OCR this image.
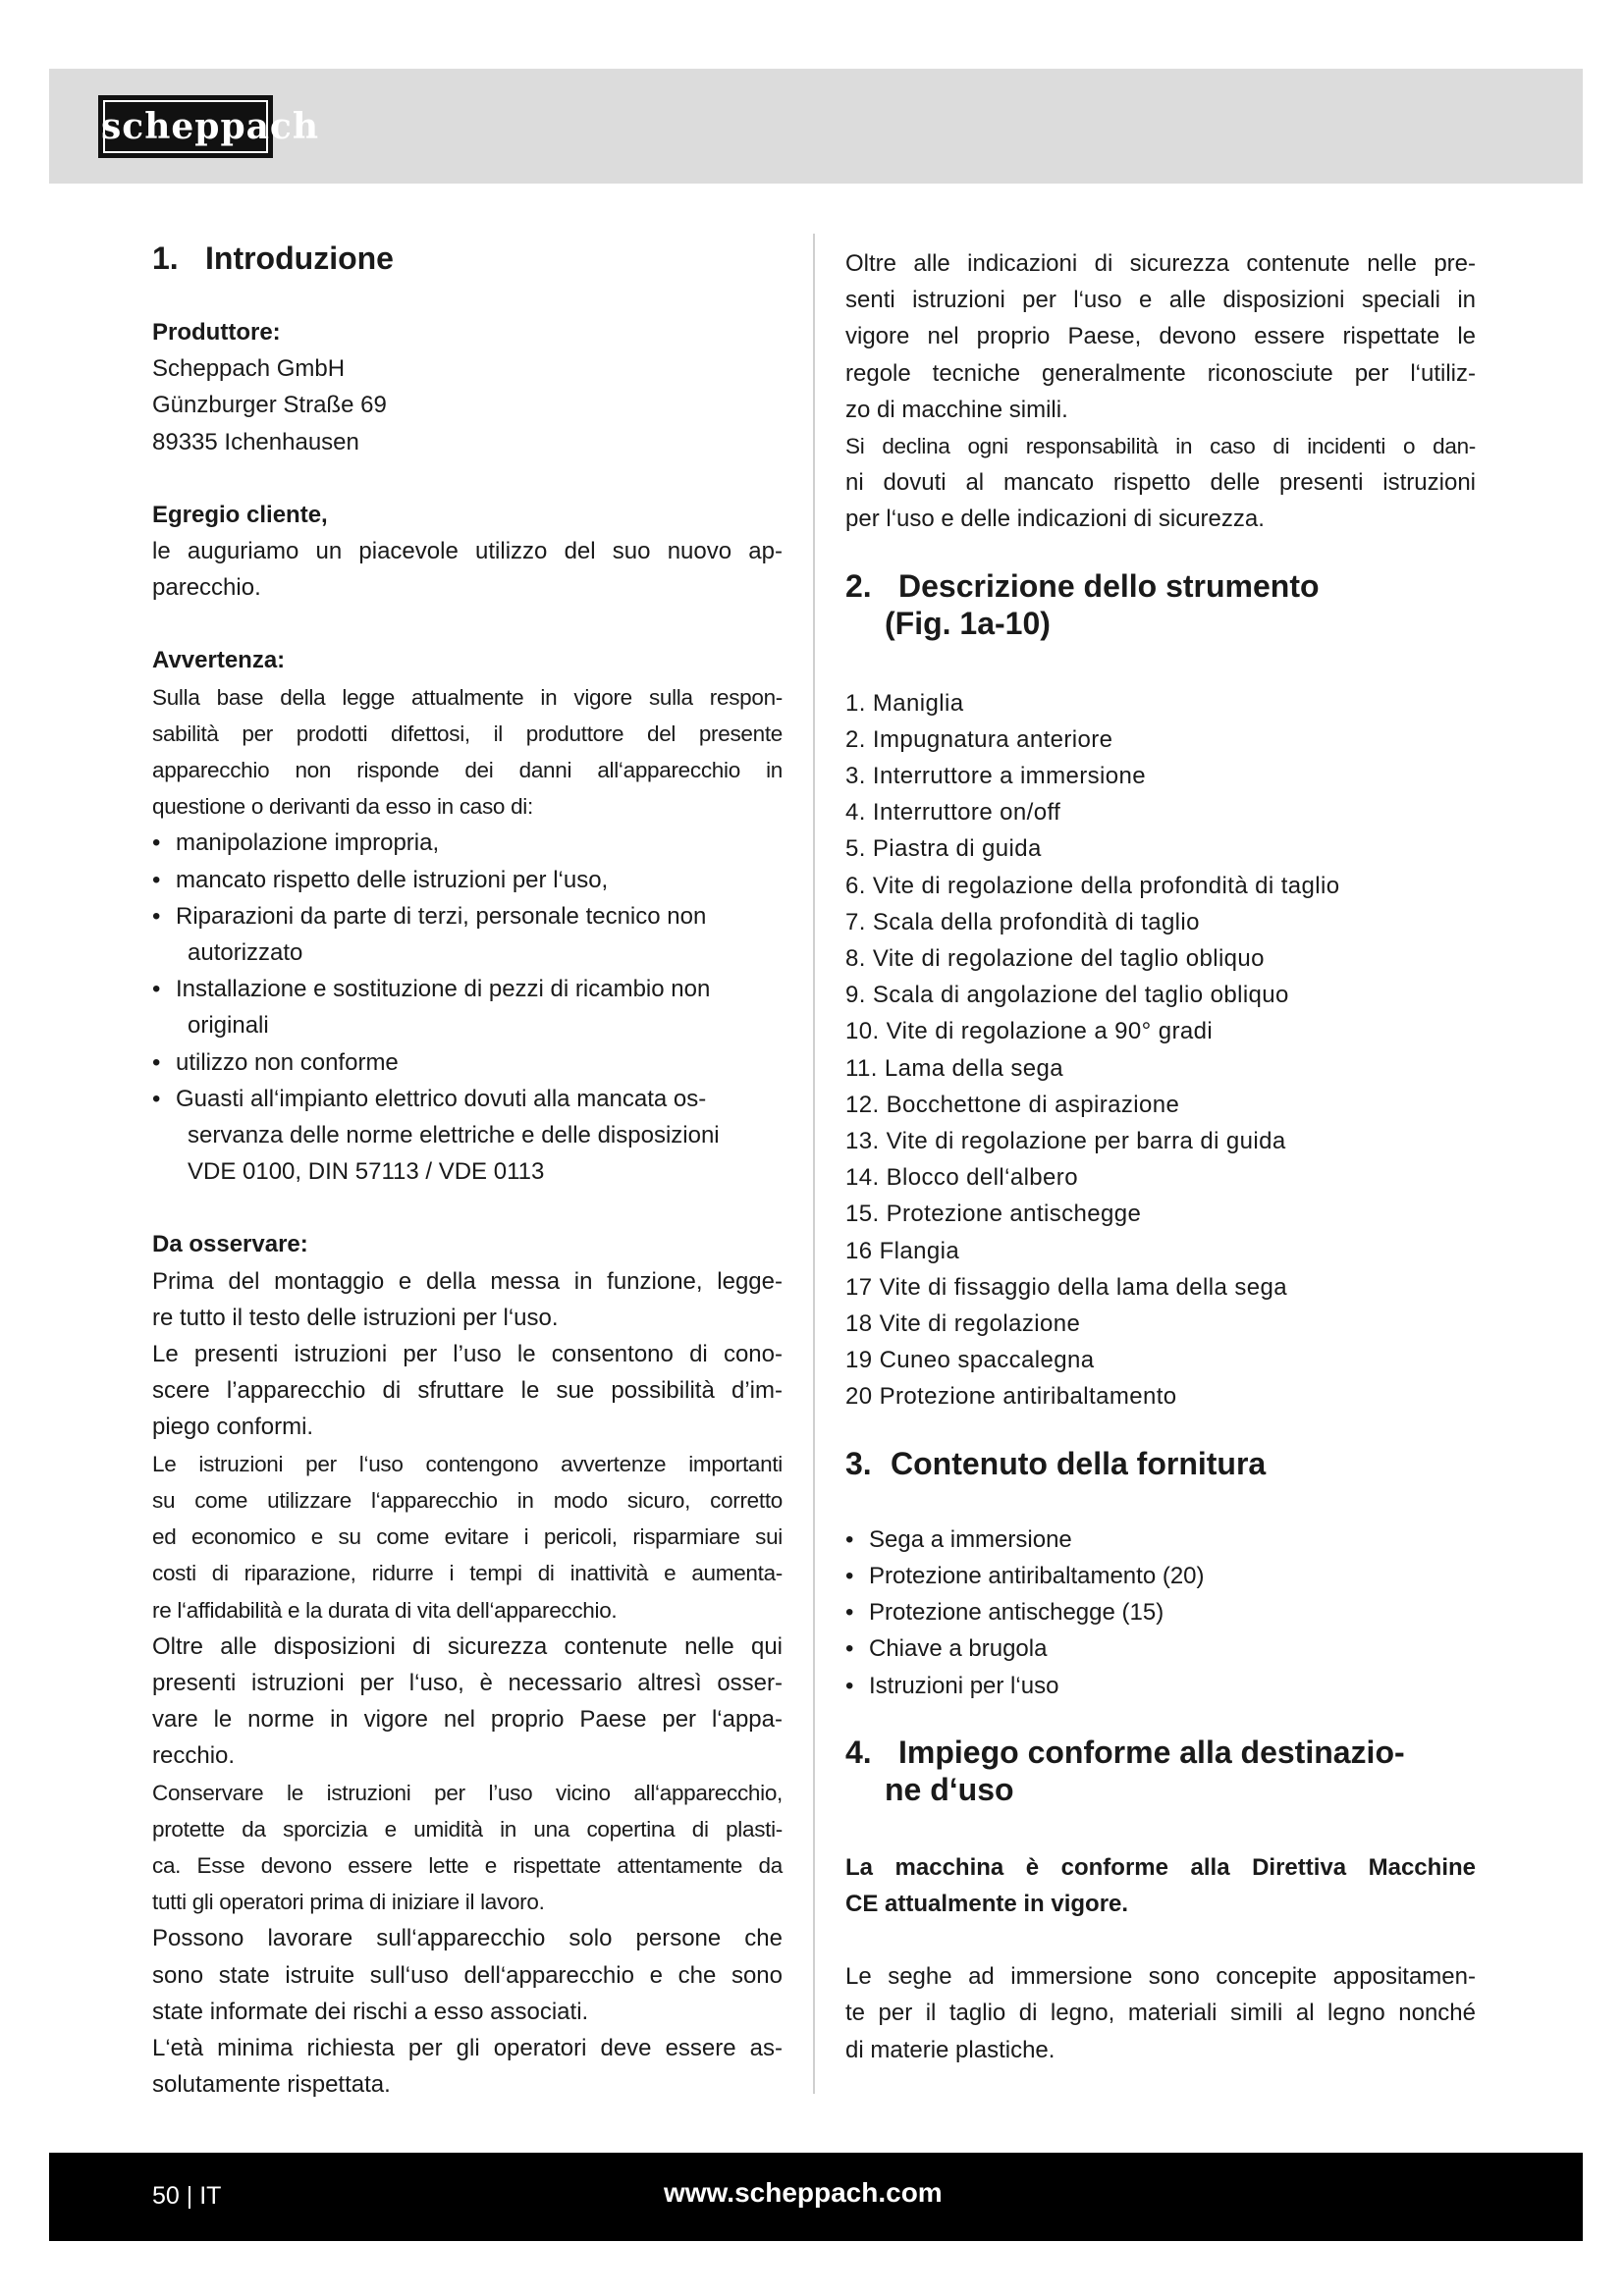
scheppach
1. Introduzione
Produttore:
Scheppach GmbH
Günzburger Straße 69
89335 Ichenhausen
Egregio cliente,
le auguriamo un piacevole utilizzo del suo nuovo ap-
parecchio.
Avvertenza:
Sulla base della legge attualmente in vigore sulla respon-
sabilità per prodotti difettosi, il produttore del presente
apparecchio non risponde dei danni all‘apparecchio in
questione o derivanti da esso in caso di:
• manipolazione impropria,
• mancato rispetto delle istruzioni per l‘uso,
• Riparazioni da parte di terzi, personale tecnico non
autorizzato
• Installazione e sostituzione di pezzi di ricambio non
originali
• utilizzo non conforme
• Guasti all‘impianto elettrico dovuti alla mancata os-
servanza delle norme elettriche e delle disposizioni
VDE 0100, DIN 57113 / VDE 0113
Da osservare:
Prima del montaggio e della messa in funzione, legge-
re tutto il testo delle istruzioni per l‘uso.
Le presenti istruzioni per l’uso le consentono di cono-
scere l’apparecchio di sfruttare le sue possibilità d’im-
piego conformi.
Le istruzioni per l‘uso contengono avvertenze importanti
su come utilizzare l‘apparecchio in modo sicuro, corretto
ed economico e su come evitare i pericoli, risparmiare sui
costi di riparazione, ridurre i tempi di inattività e aumenta-
re l‘affidabilità e la durata di vita dell‘apparecchio.
Oltre alle disposizioni di sicurezza contenute nelle qui
presenti istruzioni per l‘uso, è necessario altresì osser-
vare le norme in vigore nel proprio Paese per l‘appa-
recchio.
Conservare le istruzioni per l’uso vicino all‘apparecchio,
protette da sporcizia e umidità in una copertina di plasti-
ca. Esse devono essere lette e rispettate attentamente da
tutti gli operatori prima di iniziare il lavoro.
Possono lavorare sull‘apparecchio solo persone che
sono state istruite sull‘uso dell‘apparecchio e che sono
state informate dei rischi a esso associati.
L‘età minima richiesta per gli operatori deve essere as-
solutamente rispettata.
Oltre alle indicazioni di sicurezza contenute nelle pre-
senti istruzioni per l‘uso e alle disposizioni speciali in
vigore nel proprio Paese, devono essere rispettate le
regole tecniche generalmente riconosciute per l‘utiliz-
zo di macchine simili.
Si declina ogni responsabilità in caso di incidenti o dan-
ni dovuti al mancato rispetto delle presenti istruzioni
per l‘uso e delle indicazioni di sicurezza.
2. Descrizione dello strumento
(Fig. 1a-10)
1. Maniglia
2. Impugnatura anteriore
3. Interruttore a immersione
4. Interruttore on/off
5. Piastra di guida
6. Vite di regolazione della profondità di taglio
7. Scala della profondità di taglio
8. Vite di regolazione del taglio obliquo
9. Scala di angolazione del taglio obliquo
10. Vite di regolazione a 90° gradi
11. Lama della sega
12. Bocchettone di aspirazione
13. Vite di regolazione per barra di guida
14. Blocco dell‘albero
15. Protezione antischegge
16 Flangia
17 Vite di fissaggio della lama della sega
18 Vite di regolazione
19 Cuneo spaccalegna
20 Protezione antiribaltamento
3. Contenuto della fornitura
• Sega a immersione
• Protezione antiribaltamento (20)
• Protezione antischegge (15)
• Chiave a brugola
• Istruzioni per l‘uso
4. Impiego conforme alla destinazio-
ne d‘uso
La macchina è conforme alla Direttiva Macchine
CE attualmente in vigore.
Le seghe ad immersione sono concepite appositamen-
te per il taglio di legno, materiali simili al legno nonché
di materie plastiche.
50 | IT	www.scheppach.com
